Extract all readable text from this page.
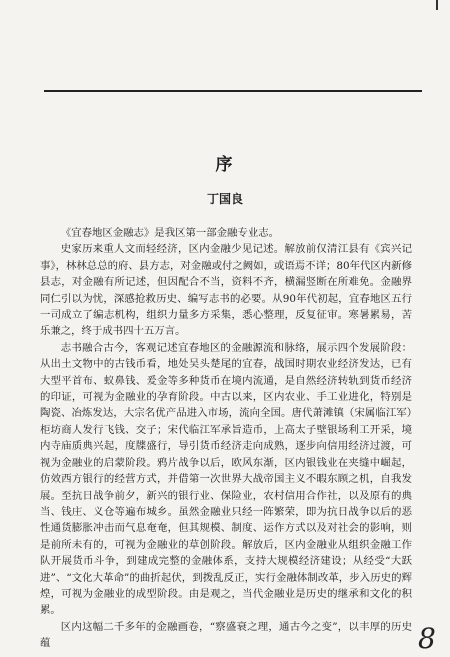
序
丁国良

《宜春地区金融志》是我区第一部金融专业志。

史家历来重人文而轻经济，区内金融少见记述。解放前仅清江县有《宾兴记事》，林林总总的府、县方志，对金融或付之阙如，或语焉不详；80年代区内新修县志，对金融有所记述，但因配合不当，资料不齐，横漏竖断在所难免。金融界同仁引以为忧，深感抢救历史、编写志书的必要。从90年代初起，宜春地区五行一司成立了编志机构，组织力量多方采集，悉心整理，反复征审。寒暑累易，苦乐兼之，终于成书四十五万言。

志书融合古今，客观记述宜春地区的金融源流和脉络，展示四个发展阶段：从出土文物中的古钱币看，地处吴头楚尾的宜春，战国时期农业经济发达，已有大型平首布、蚁鼻钱、爰金等多种货币在境内流通，是自然经济转轨到货币经济的印证，可视为金融业的孕育阶段。中古以来，区内农业、手工业进化，特别是陶瓷、冶炼发达，大宗名优产品进入市场，流向全国。唐代萧滩镇（宋属临江军）柜坊商人发行飞钱、交子；宋代临江军承旨造币，上高太子壁银场利工开采，境内寺庙质典兴起，度牒盛行，导引货币经济走向成熟，逐步向信用经济过渡，可视为金融业的启蒙阶段。鸦片战争以后，欧风东渐，区内银钱业在夹缝中崛起，仿效西方银行的经营方式，并借第一次世界大战帝国主义不暇东顾之机，自我发展。至抗日战争前夕，新兴的银行业、保险业，农村信用合作社，以及原有的典当、钱庄、义仓等遍布城乡。虽然金融业只经一阵繁荣，即为抗日战争以后的恶性通货膨胀冲击而气息奄奄，但其规模、制度、运作方式以及对社会的影响，则是前所未有的，可视为金融业的草创阶段。解放后，区内金融业从组织金融工作队开展货币斗争，到建成完整的金融体系，支持大规模经济建设；从经受“大跃进”、“文化大革命”的曲折起伏，到拨乱反正，实行金融体制改革，步入历史的辉煌，可视为金融业的成型阶段。由是观之，当代金融业是历史的继承和文化的积累。

区内这幅二千多年的金融画卷，“察盛衰之理，通古今之变”，以丰厚的历史蕴	8
